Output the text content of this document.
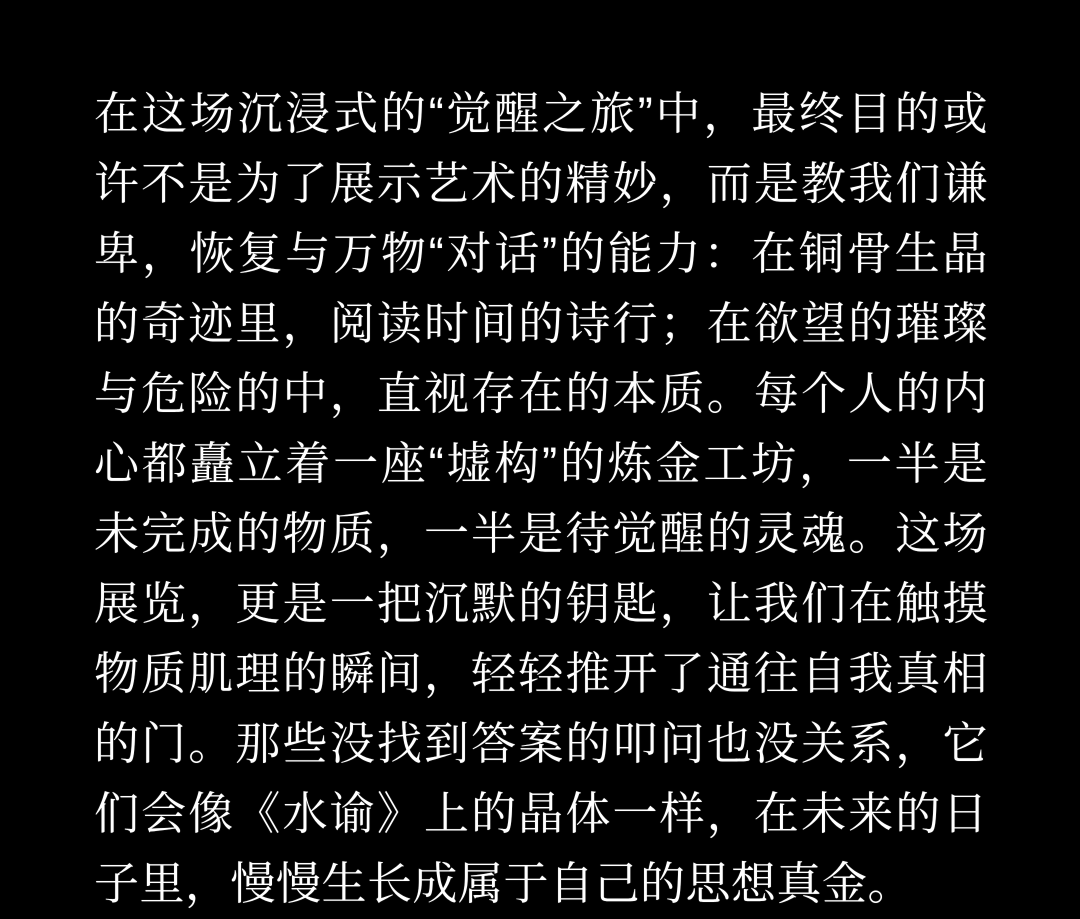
在这场沉浸式的“觉醒之旅”中，最终目的或许不是为了展示艺术的精妙，而是教我们谦卑，恢复与万物“对话”的能力：在铜骨生晶的奇迹里，阅读时间的诗行；在欲望的璀璨与危险的中，直视存在的本质。每个人的内心都矗立着一座“墟构”的炼金工坊，一半是未完成的物质，一半是待觉醒的灵魂。这场展览，更是一把沉默的钥匙，让我们在触摸物质肌理的瞬间，轻轻推开了通往自我真相的门。那些没找到答案的叩问也没关系，它们会像《水谕》上的晶体一样，在未来的日子里，慢慢生长成属于自己的思想真金。
